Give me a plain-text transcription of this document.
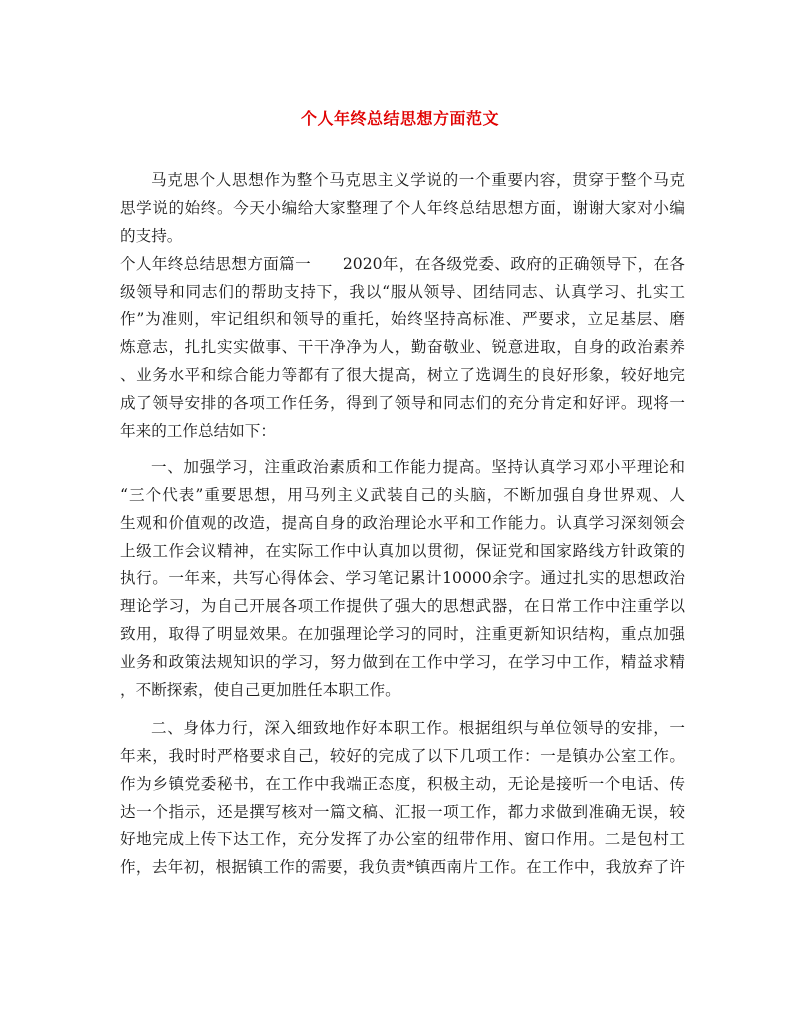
个人年终总结思想方面范文
马克思个人思想作为整个马克思主义学说的一个重要内容，贯穿于整个马克
思学说的始终。今天小编给大家整理了个人年终总结思想方面，谢谢大家对小编
的支持。
个人年终总结思想方面篇一　　2020年，在各级党委、政府的正确领导下，在各
级领导和同志们的帮助支持下，我以“服从领导、团结同志、认真学习、扎实工
作”为准则，牢记组织和领导的重托，始终坚持高标准、严要求，立足基层、磨
炼意志，扎扎实实做事、干干净净为人，勤奋敬业、锐意进取，自身的政治素养
、业务水平和综合能力等都有了很大提高，树立了选调生的良好形象，较好地完
成了领导安排的各项工作任务，得到了领导和同志们的充分肯定和好评。现将一
年来的工作总结如下：
一、加强学习，注重政治素质和工作能力提高。坚持认真学习邓小平理论和
“三个代表”重要思想，用马列主义武装自己的头脑，不断加强自身世界观、人
生观和价值观的改造，提高自身的政治理论水平和工作能力。认真学习深刻领会
上级工作会议精神，在实际工作中认真加以贯彻，保证党和国家路线方针政策的
执行。一年来，共写心得体会、学习笔记累计10000余字。通过扎实的思想政治
理论学习，为自己开展各项工作提供了强大的思想武器，在日常工作中注重学以
致用，取得了明显效果。在加强理论学习的同时，注重更新知识结构，重点加强
业务和政策法规知识的学习，努力做到在工作中学习，在学习中工作，精益求精
，不断探索，使自己更加胜任本职工作。
二、身体力行，深入细致地作好本职工作。根据组织与单位领导的安排，一
年来，我时时严格要求自己，较好的完成了以下几项工作：一是镇办公室工作。
作为乡镇党委秘书，在工作中我端正态度，积极主动，无论是接听一个电话、传
达一个指示，还是撰写核对一篇文稿、汇报一项工作，都力求做到准确无误，较
好地完成上传下达工作，充分发挥了办公室的纽带作用、窗口作用。二是包村工
作，去年初，根据镇工作的需要，我负责*镇西南片工作。在工作中，我放弃了许
